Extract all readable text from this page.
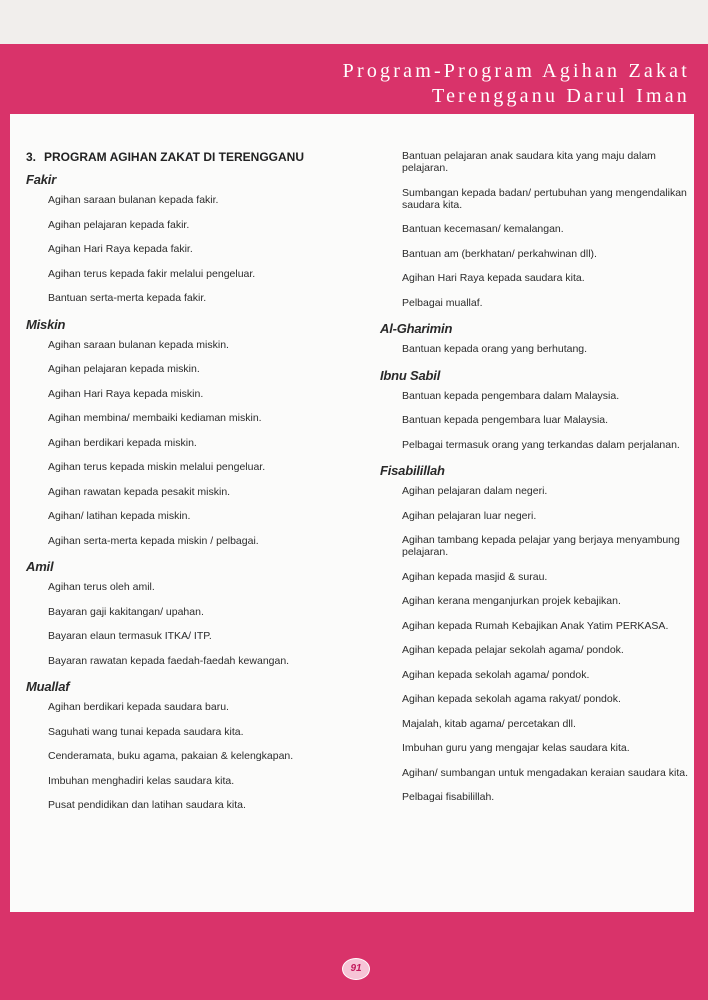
Program-Program Agihan Zakat
Terengganu Darul Iman
91
3. PROGRAM AGIHAN ZAKAT DI TERENGGANU
Fakir
Agihan saraan bulanan kepada fakir.
Agihan pelajaran kepada fakir.
Agihan Hari Raya kepada fakir.
Agihan terus kepada fakir melalui pengeluar.
Bantuan serta-merta kepada fakir.
Miskin
Agihan saraan bulanan kepada miskin.
Agihan pelajaran kepada miskin.
Agihan Hari Raya kepada miskin.
Agihan membina/ membaiki kediaman miskin.
Agihan berdikari kepada miskin.
Agihan terus kepada miskin melalui pengeluar.
Agihan rawatan kepada pesakit miskin.
Agihan/ latihan kepada miskin.
Agihan serta-merta kepada miskin / pelbagai.
Amil
Agihan terus oleh amil.
Bayaran gaji kakitangan/ upahan.
Bayaran elaun termasuk ITKA/ ITP.
Bayaran rawatan kepada faedah-faedah kewangan.
Muallaf
Agihan berdikari kepada saudara baru.
Saguhati wang tunai kepada saudara kita.
Cenderamata, buku agama, pakaian & kelengkapan.
Imbuhan menghadiri kelas saudara kita.
Pusat pendidikan dan latihan saudara kita.
Bantuan pelajaran anak saudara kita yang maju dalam pelajaran.
Sumbangan kepada badan/ pertubuhan yang mengendalikan saudara kita.
Bantuan kecemasan/ kemalangan.
Bantuan am (berkhatan/ perkahwinan dll).
Agihan Hari Raya kepada saudara kita.
Pelbagai muallaf.
Al-Gharimin
Bantuan kepada orang yang berhutang.
Ibnu Sabil
Bantuan kepada pengembara dalam Malaysia.
Bantuan kepada pengembara luar Malaysia.
Pelbagai termasuk orang yang terkandas dalam perjalanan.
Fisabilillah
Agihan pelajaran dalam negeri.
Agihan pelajaran luar negeri.
Agihan tambang kepada pelajar yang berjaya menyambung pelajaran.
Agihan kepada masjid & surau.
Agihan kerana menganjurkan projek kebajikan.
Agihan kepada Rumah Kebajikan Anak Yatim PERKASA.
Agihan kepada pelajar sekolah agama/ pondok.
Agihan kepada sekolah agama/ pondok.
Agihan kepada sekolah agama rakyat/ pondok.
Majalah, kitab agama/ percetakan dll.
Imbuhan guru yang mengajar kelas saudara kita.
Agihan/ sumbangan untuk mengadakan keraian saudara kita.
Pelbagai fisabilillah.
